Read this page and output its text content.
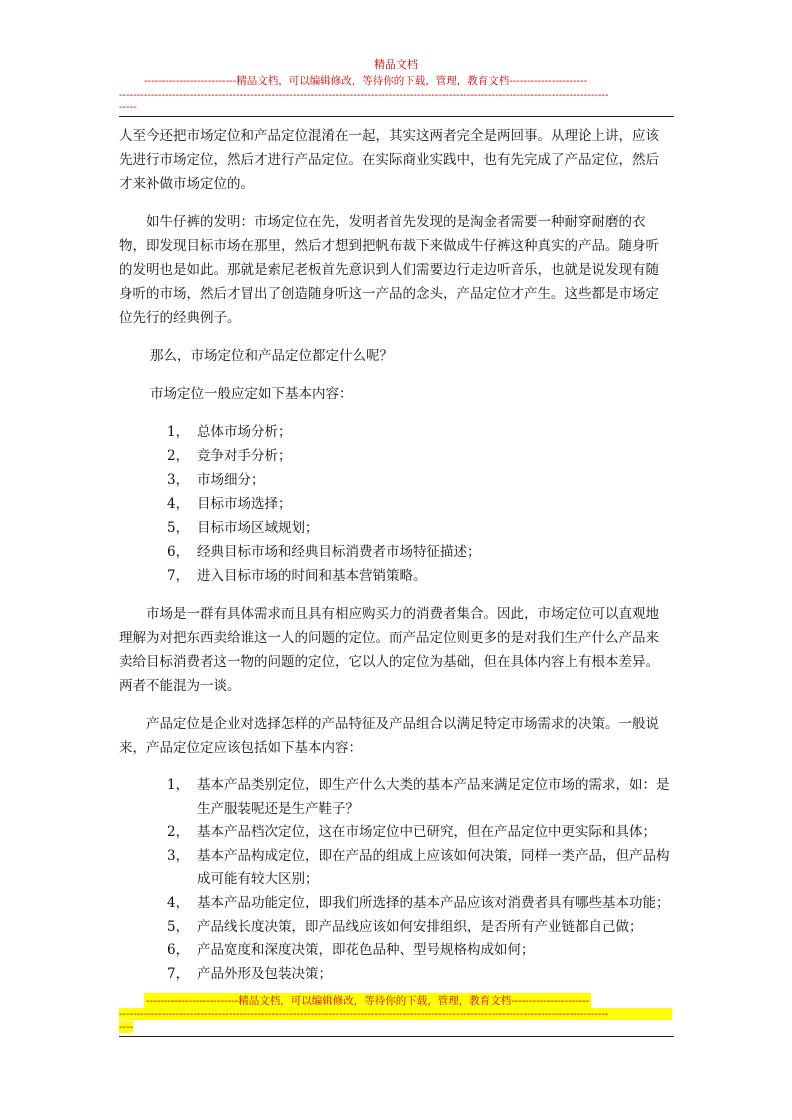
精品文档
--------------------------精品文档，可以编辑修改，等待你的下载，管理，教育文档----------------------
------------------------------------------------------------------------------------------------------------------------------------------
-----

人至今还把市场定位和产品定位混淆在一起，其实这两者完全是两回事。从理论上讲，应该先进行市场定位，然后才进行产品定位。在实际商业实践中，也有先完成了产品定位，然后才来补做市场定位的。

如牛仔裤的发明：市场定位在先，发明者首先发现的是淘金者需要一种耐穿耐磨的衣物，即发现目标市场在那里，然后才想到把帆布裁下来做成牛仔裤这种真实的产品。随身听的发明也是如此。那就是索尼老板首先意识到人们需要边行走边听音乐，也就是说发现有随身听的市场，然后才冒出了创造随身听这一产品的念头，产品定位才产生。这些都是市场定位先行的经典例子。

那么，市场定位和产品定位都定什么呢？

市场定位一般应定如下基本内容：

1， 总体市场分析；
2， 竞争对手分析；
3， 市场细分；
4， 目标市场选择；
5， 目标市场区域规划；
6， 经典目标市场和经典目标消费者市场特征描述；
7， 进入目标市场的时间和基本营销策略。

市场是一群有具体需求而且具有相应购买力的消费者集合。因此，市场定位可以直观地理解为对把东西卖给谁这一人的问题的定位。而产品定位则更多的是对我们生产什么产品来卖给目标消费者这一物的问题的定位，它以人的定位为基础，但在具体内容上有根本差异。两者不能混为一谈。

产品定位是企业对选择怎样的产品特征及产品组合以满足特定市场需求的决策。一般说来，产品定位定应该包括如下基本内容：

1， 基本产品类别定位，即生产什么大类的基本产品来满足定位市场的需求，如：是生产服装呢还是生产鞋子？
2， 基本产品档次定位，这在市场定位中已研究，但在产品定位中更实际和具体；
3， 基本产品构成定位，即在产品的组成上应该如何决策，同样一类产品，但产品构成可能有较大区别；
4， 基本产品功能定位，即我们所选择的基本产品应该对消费者具有哪些基本功能；
5， 产品线长度决策，即产品线应该如何安排组织，是否所有产业链都自己做；
6， 产品宽度和深度决策，即花色品种、型号规格构成如何；
7， 产品外形及包装决策；
--------------------------精品文档，可以编辑修改，等待你的下载，管理，教育文档----------------------
------------------------------------------------------------------------------------------------------------------------------------------
----
